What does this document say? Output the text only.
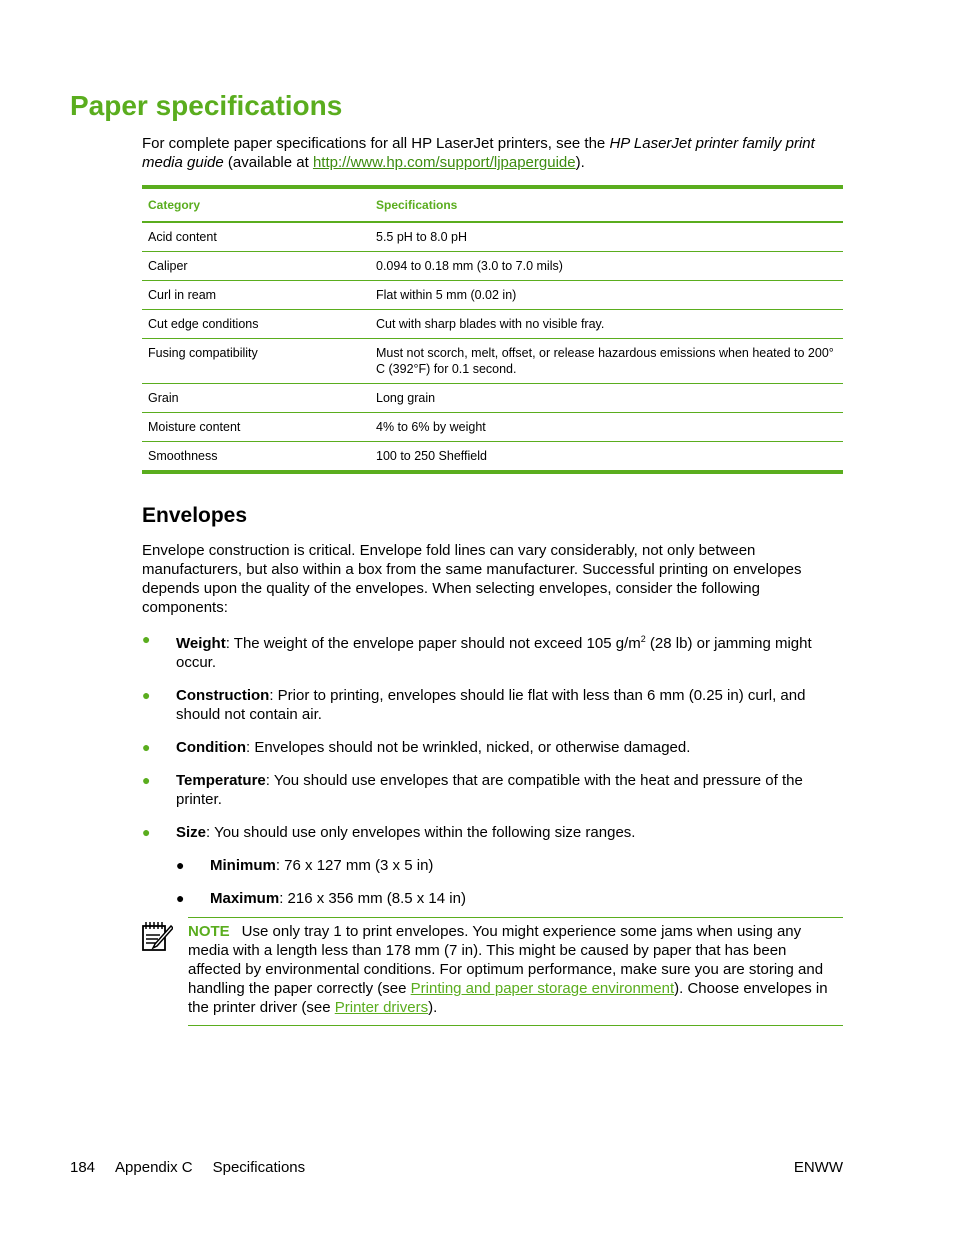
Paper specifications

For complete paper specifications for all HP LaserJet printers, see the HP LaserJet printer family print media guide (available at http://www.hp.com/support/ljpaperguide).

Category	Specifications
Acid content	5.5 pH to 8.0 pH
Caliper	0.094 to 0.18 mm (3.0 to 7.0 mils)
Curl in ream	Flat within 5 mm (0.02 in)
Cut edge conditions	Cut with sharp blades with no visible fray.
Fusing compatibility	Must not scorch, melt, offset, or release hazardous emissions when heated to 200° C (392°F) for 0.1 second.
Grain	Long grain
Moisture content	4% to 6% by weight
Smoothness	100 to 250 Sheffield
Envelopes

Envelope construction is critical. Envelope fold lines can vary considerably, not only between manufacturers, but also within a box from the same manufacturer. Successful printing on envelopes depends upon the quality of the envelopes. When selecting envelopes, consider the following components:

● Weight: The weight of the envelope paper should not exceed 105 $g/m^2$ (28 lb) or jamming might occur.
● Construction: Prior to printing, envelopes should lie flat with less than 6 mm (0.25 in) curl, and should not contain air.
● Condition: Envelopes should not be wrinkled, nicked, or otherwise damaged.
● Temperature: You should use envelopes that are compatible with the heat and pressure of the printer.
● Size: You should use only envelopes within the following size ranges.
● Minimum: 76 x 127 mm (3 x 5 in)
● Maximum: 216 x 356 mm (8.5 x 14 in)
NOTE Use only tray 1 to print envelopes. You might experience some jams when using any media with a length less than 178 mm (7 in). This might be caused by paper that has been affected by environmental conditions. For optimum performance, make sure you are storing and handling the paper correctly (see Printing and paper storage environment). Choose envelopes in the printer driver (see Printer drivers).
184 Appendix C Specifications	ENWW
